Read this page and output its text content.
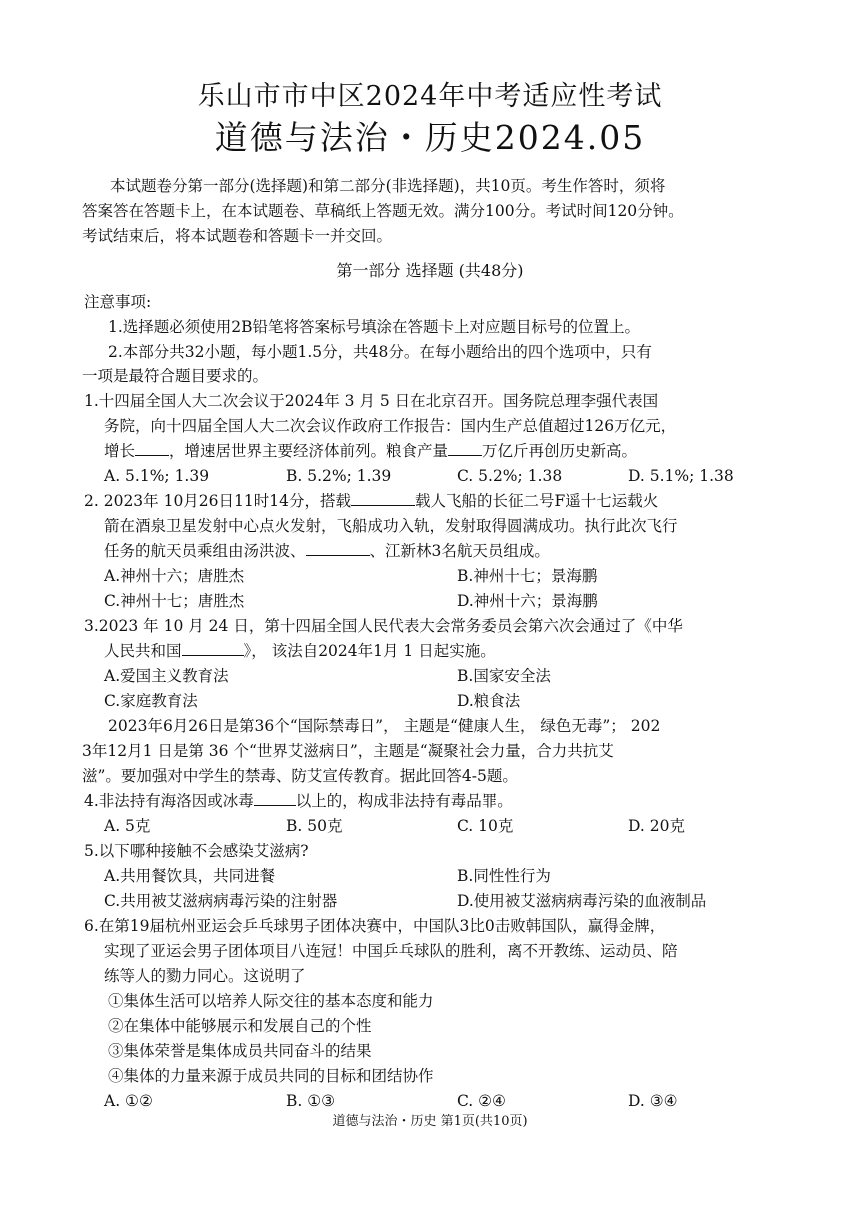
乐山市市中区2024年中考适应性考试
道德与法治・历史2024.05
本试题卷分第一部分(选择题)和第二部分(非选择题)，共10页。考生作答时，须将
答案答在答题卡上，在本试题卷、草稿纸上答题无效。满分100分。考试时间120分钟。
考试结束后，将本试题卷和答题卡一并交回。
第一部分 选择题 (共48分)
注意事项:
1.选择题必须使用2B铅笔将答案标号填涂在答题卡上对应题目标号的位置上。
2.本部分共32小题，每小题1.5分，共48分。在每小题给出的四个选项中，只有
一项是最符合题目要求的。
1.十四届全国人大二次会议于2024年 3 月 5 日在北京召开。国务院总理李强代表国
务院，向十四届全国人大二次会议作政府工作报告：国内生产总值超过126万亿元，
增长 ，增速居世界主要经济体前列。粮食产量 万亿斤再创历史新高。
A. 5.1%; 1.39	B. 5.2%; 1.39	C. 5.2%; 1.38	D. 5.1%; 1.38
2. 2023年 10月26日11时14分，搭载	载人飞船的长征二号F遥十七运载火
箭在酒泉卫星发射中心点火发射，飞船成功入轨，发射取得圆满成功。执行此次飞行
任务的航天员乘组由汤洪波、	、江新林3名航天员组成。
A.神州十六；唐胜杰	B.神州十七；景海鹏
C.神州十七；唐胜杰	D.神州十六；景海鹏
3.2023 年 10 月 24 日，第十四届全国人民代表大会常务委员会第六次会通过了《中华
人民共和国	》， 该法自2024年1月 1 日起实施。
A.爱国主义教育法	B.国家安全法
C.家庭教育法	D.粮食法
2023年6月26日是第36个“国际禁毒日”， 主题是“健康人生， 绿色无毒”； 202
3年12月1 日是第 36 个“世界艾滋病日”，主题是“凝聚社会力量，合力共抗艾
滋”。要加强对中学生的禁毒、防艾宣传教育。据此回答4-5题。
4.非法持有海洛因或冰毒	以上的，构成非法持有毒品罪。
A. 5克	B. 50克	C. 10克	D. 20克
5.以下哪种接触不会感染艾滋病?
A.共用餐饮具，共同进餐	B.同性性行为
C.共用被艾滋病病毒污染的注射器	D.使用被艾滋病病毒污染的血液制品
6.在第19届杭州亚运会乒乓球男子团体决赛中，中国队3比0击败韩国队，赢得金牌，
实现了亚运会男子团体项目八连冠！中国乒乓球队的胜利，离不开教练、运动员、陪
练等人的勠力同心。这说明了
①集体生活可以培养人际交往的基本态度和能力
②在集体中能够展示和发展自己的个性
③集体荣誉是集体成员共同奋斗的结果
④集体的力量来源于成员共同的目标和团结协作
A. ①②	B. ①③	C. ②④	D. ③④
道德与法治・历史 第1页(共10页)
